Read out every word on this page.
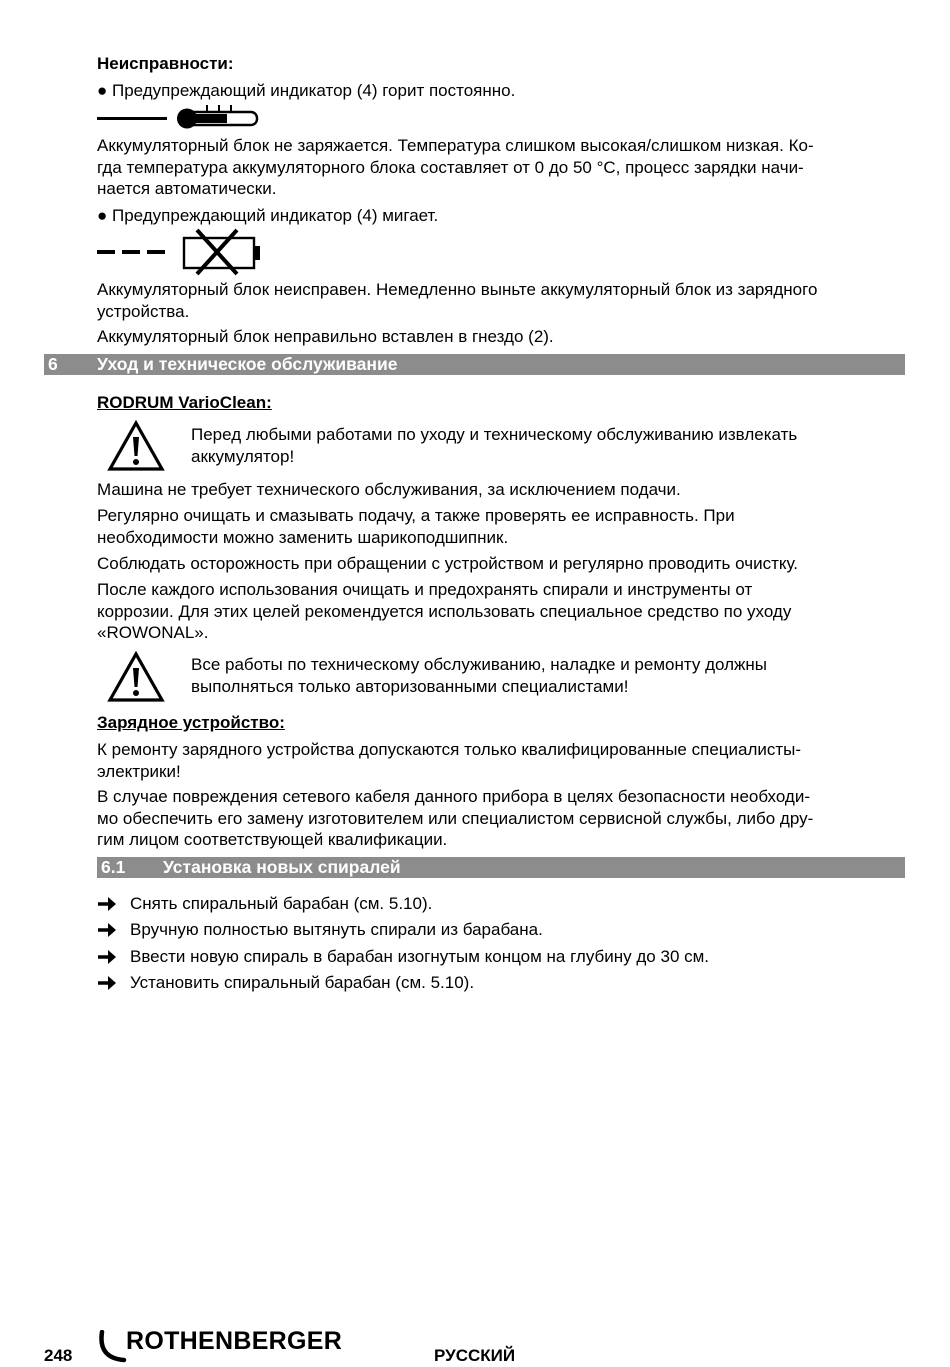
Неисправности:
● Предупреждающий индикатор (4) горит постоянно.
Аккумуляторный блок не заряжается. Температура слишком высокая/слишком низкая. Ко-
гда температура аккумуляторного блока составляет от 0 до 50 °C, процесс зарядки начи-
нается автоматически.
● Предупреждающий индикатор (4) мигает.
Аккумуляторный блок неисправен. Немедленно выньте аккумуляторный блок из зарядного
устройства.
Аккумуляторный блок неправильно вставлен в гнездо (2).
6 Уход и техническое обслуживание
RODRUM VarioClean:
Перед любыми работами по уходу и техническому обслуживанию извлекать
аккумулятор!
Машина не требует технического обслуживания, за исключением подачи.
Регулярно очищать и смазывать подачу, а также проверять ее исправность. При
необходимости можно заменить шарикоподшипник.
Соблюдать осторожность при обращении с устройством и регулярно проводить очистку.
После каждого использования очищать и предохранять спирали и инструменты от
коррозии. Для этих целей рекомендуется использовать специальное средство по уходу
«ROWONAL».
Все работы по техническому обслуживанию, наладке и ремонту должны
выполняться только авторизованными специалистами!
Зарядное устройство:
К ремонту зарядного устройства допускаются только квалифицированные специалисты-
электрики!
В случае повреждения сетевого кабеля данного прибора в целях безопасности необходи-
мо обеспечить его замену изготовителем или специалистом сервисной службы, либо дру-
гим лицом соответствующей квалификации.
6.1 Установка новых спиралей
Снять спиральный барабан (см. 5.10).
Вручную полностью вытянуть спирали из барабана.
Ввести новую спираль в барабан изогнутым концом на глубину до 30 см.
Установить спиральный барабан (см. 5.10).
248
ROTHENBERGER
РУССКИЙ
